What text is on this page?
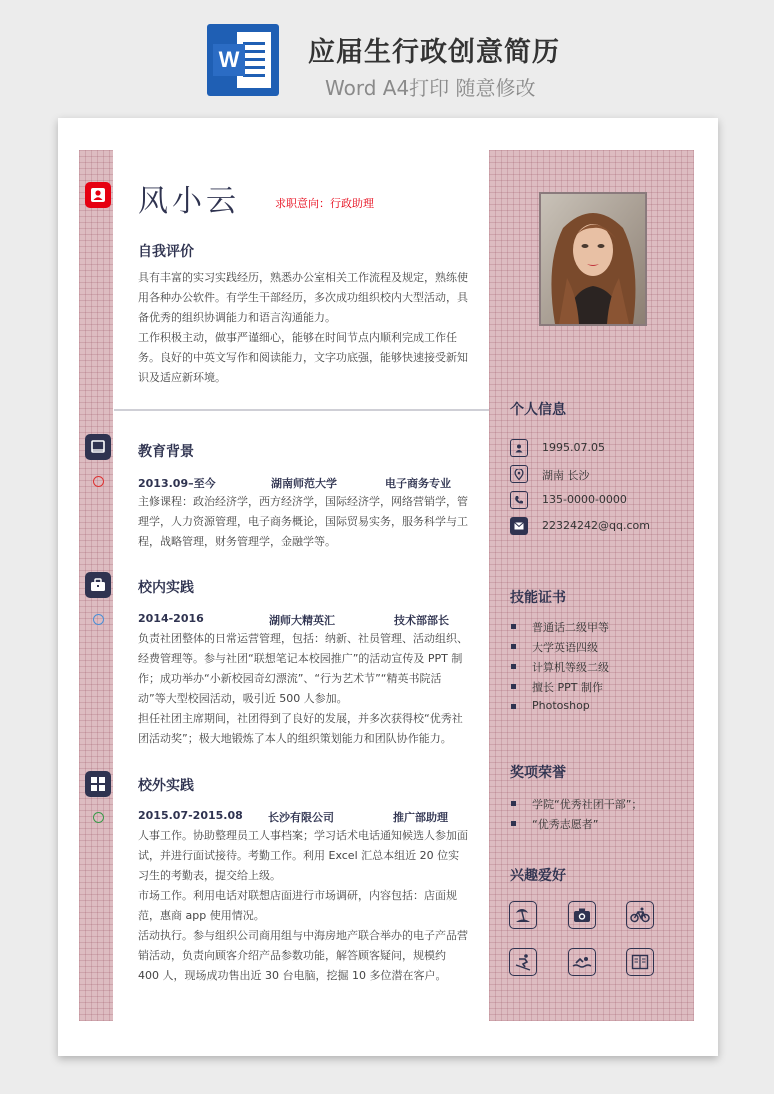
W	应届生行政创意简历
Word A4打印 随意修改
风小云	求职意向：行政助理
自我评价

具有丰富的实习实践经历，熟悉办公室相关工作流程及规定，熟练使用各种办公软件。有学生干部经历，多次成功组织校内大型活动，具备优秀的组织协调能力和语言沟通能力。

工作积极主动，做事严谨细心，能够在时间节点内顺利完成工作任务。良好的中英文写作和阅读能力，文字功底强，能够快速接受新知识及适应新环境。

教育背景
2013.09–至今	湖南师范大学	电子商务专业

主修课程：政治经济学，西方经济学，国际经济学，网络营销学，管理学，人力资源管理，电子商务概论，国际贸易实务，服务科学与工程，战略管理，财务管理学，金融学等。

校内实践
2014-2016	湖师大精英汇	技术部部长

负责社团整体的日常运营管理，包括：纳新、社员管理、活动组织、经费管理等。参与社团“联想笔记本校园推广”的活动宣传及 PPT 制作；成功举办“小新校园奇幻漂流”、“行为艺术节”“精英书院活动”等大型校园活动，吸引近 500 人参加。

担任社团主席期间，社团得到了良好的发展，并多次获得校“优秀社团活动奖”；极大地锻炼了本人的组织策划能力和团队协作能力。

校外实践
2015.07-2015.08 长沙有限公司	推广部助理

人事工作。协助整理员工人事档案；学习话术电话通知候选人参加面试，并进行面试接待。考勤工作。利用 Excel 汇总本组近 20 位实习生的考勤表，提交给上级。

市场工作。利用电话对联想店面进行市场调研，内容包括：店面规范，惠商 app 使用情况。

活动执行。参与组织公司商用组与中海房地产联合举办的电子产品营销活动，负责向顾客介绍产品参数功能，解答顾客疑问，规模约 400 人，现场成功售出近 30 台电脑，挖掘 10 多位潜在客户。

个人信息
1995.07.05
湖南 长沙
135-0000-0000
22324242@qq.com
技能证书
普通话二级甲等
大学英语四级
计算机等级二级
擅长 PPT 制作
Photoshop
奖项荣誉
学院“优秀社团干部”；
“优秀志愿者”
兴趣爱好
